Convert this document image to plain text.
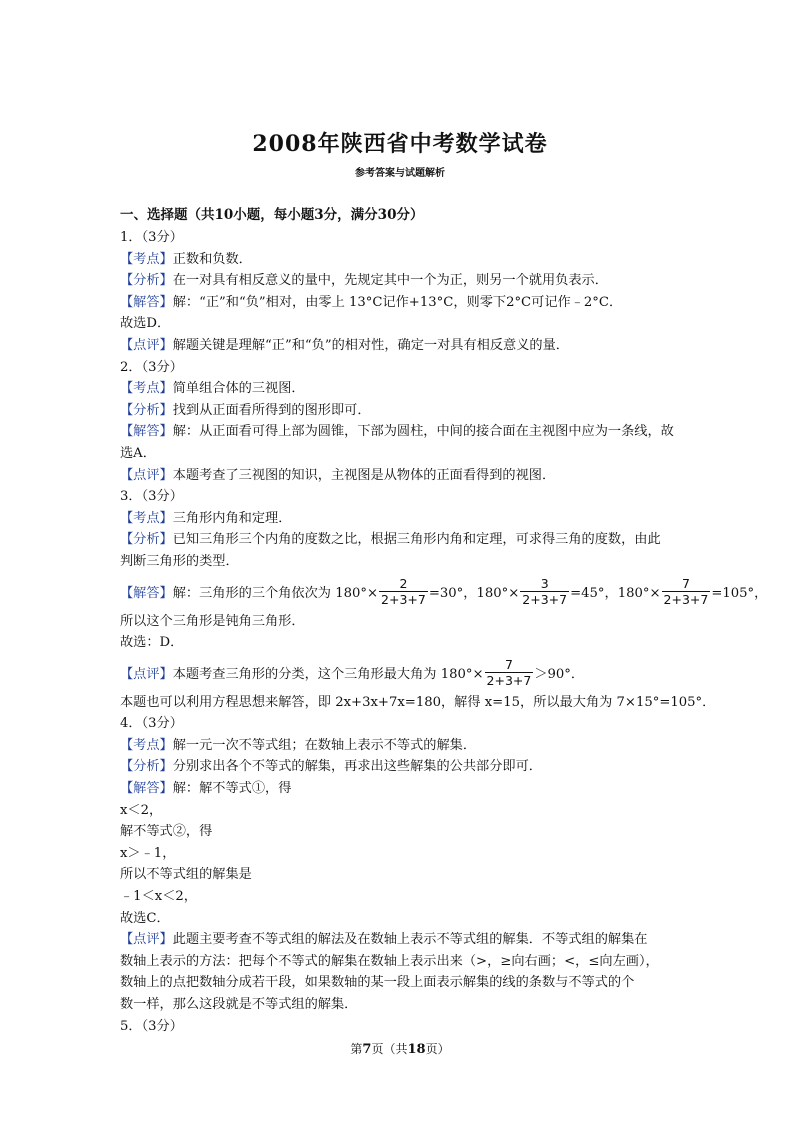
2008年陕西省中考数学试卷
参考答案与试题解析
一、选择题（共10小题，每小题3分，满分30分）
1．（3分）
【考点】正数和负数．
【分析】在一对具有相反意义的量中，先规定其中一个为正，则另一个就用负表示．
【解答】解：“正”和“负”相对，由零上 13°C记作+13°C，则零下2°C可记作﹣2°C．
故选D．
【点评】解题关键是理解“正”和“负”的相对性，确定一对具有相反意义的量．
2．（3分）
【考点】简单组合体的三视图．
【分析】找到从正面看所得到的图形即可．
【解答】解：从正面看可得上部为圆锥，下部为圆柱，中间的接合面在主视图中应为一条线，故
选A．
【点评】本题考查了三视图的知识，主视图是从物体的正面看得到的视图．
3．（3分）
【考点】三角形内角和定理．
【分析】已知三角形三个内角的度数之比，根据三角形内角和定理，可求得三角的度数，由此
判断三角形的类型．
【解答】 解：三角形的三个角依次为 $180^\circ\times \frac{2}{2+3+7} =30^\circ$，$180^\circ\times \frac{3}{2+3+7} =45^\circ$，$180^\circ\times \frac{7}{2+3+7} =105^\circ$，
所以这个三角形是钝角三角形．
故选：D．
【点评】 本题考查三角形的分类，这个三角形最大角为 $180^\circ\times \frac{7}{2+3+7} >90^\circ$．
本题也可以利用方程思想来解答，即 2x+3x+7x=180，解得 x=15，所以最大角为 7×15°=105°．
4．（3分）
【考点】解一元一次不等式组；在数轴上表示不等式的解集．
【分析】分别求出各个不等式的解集，再求出这些解集的公共部分即可．
【解答】解：解不等式①，得
x＜2，
解不等式②，得
x＞﹣1，
所以不等式组的解集是
﹣1＜x＜2，
故选C．
【点评】此题主要考查不等式组的解法及在数轴上表示不等式组的解集．不等式组的解集在
数轴上表示的方法：把每个不等式的解集在数轴上表示出来（>，≥向右画；<，≤向左画），
数轴上的点把数轴分成若干段，如果数轴的某一段上面表示解集的线的条数与不等式的个
数一样，那么这段就是不等式组的解集．
5．（3分）
第7页（共18页）
